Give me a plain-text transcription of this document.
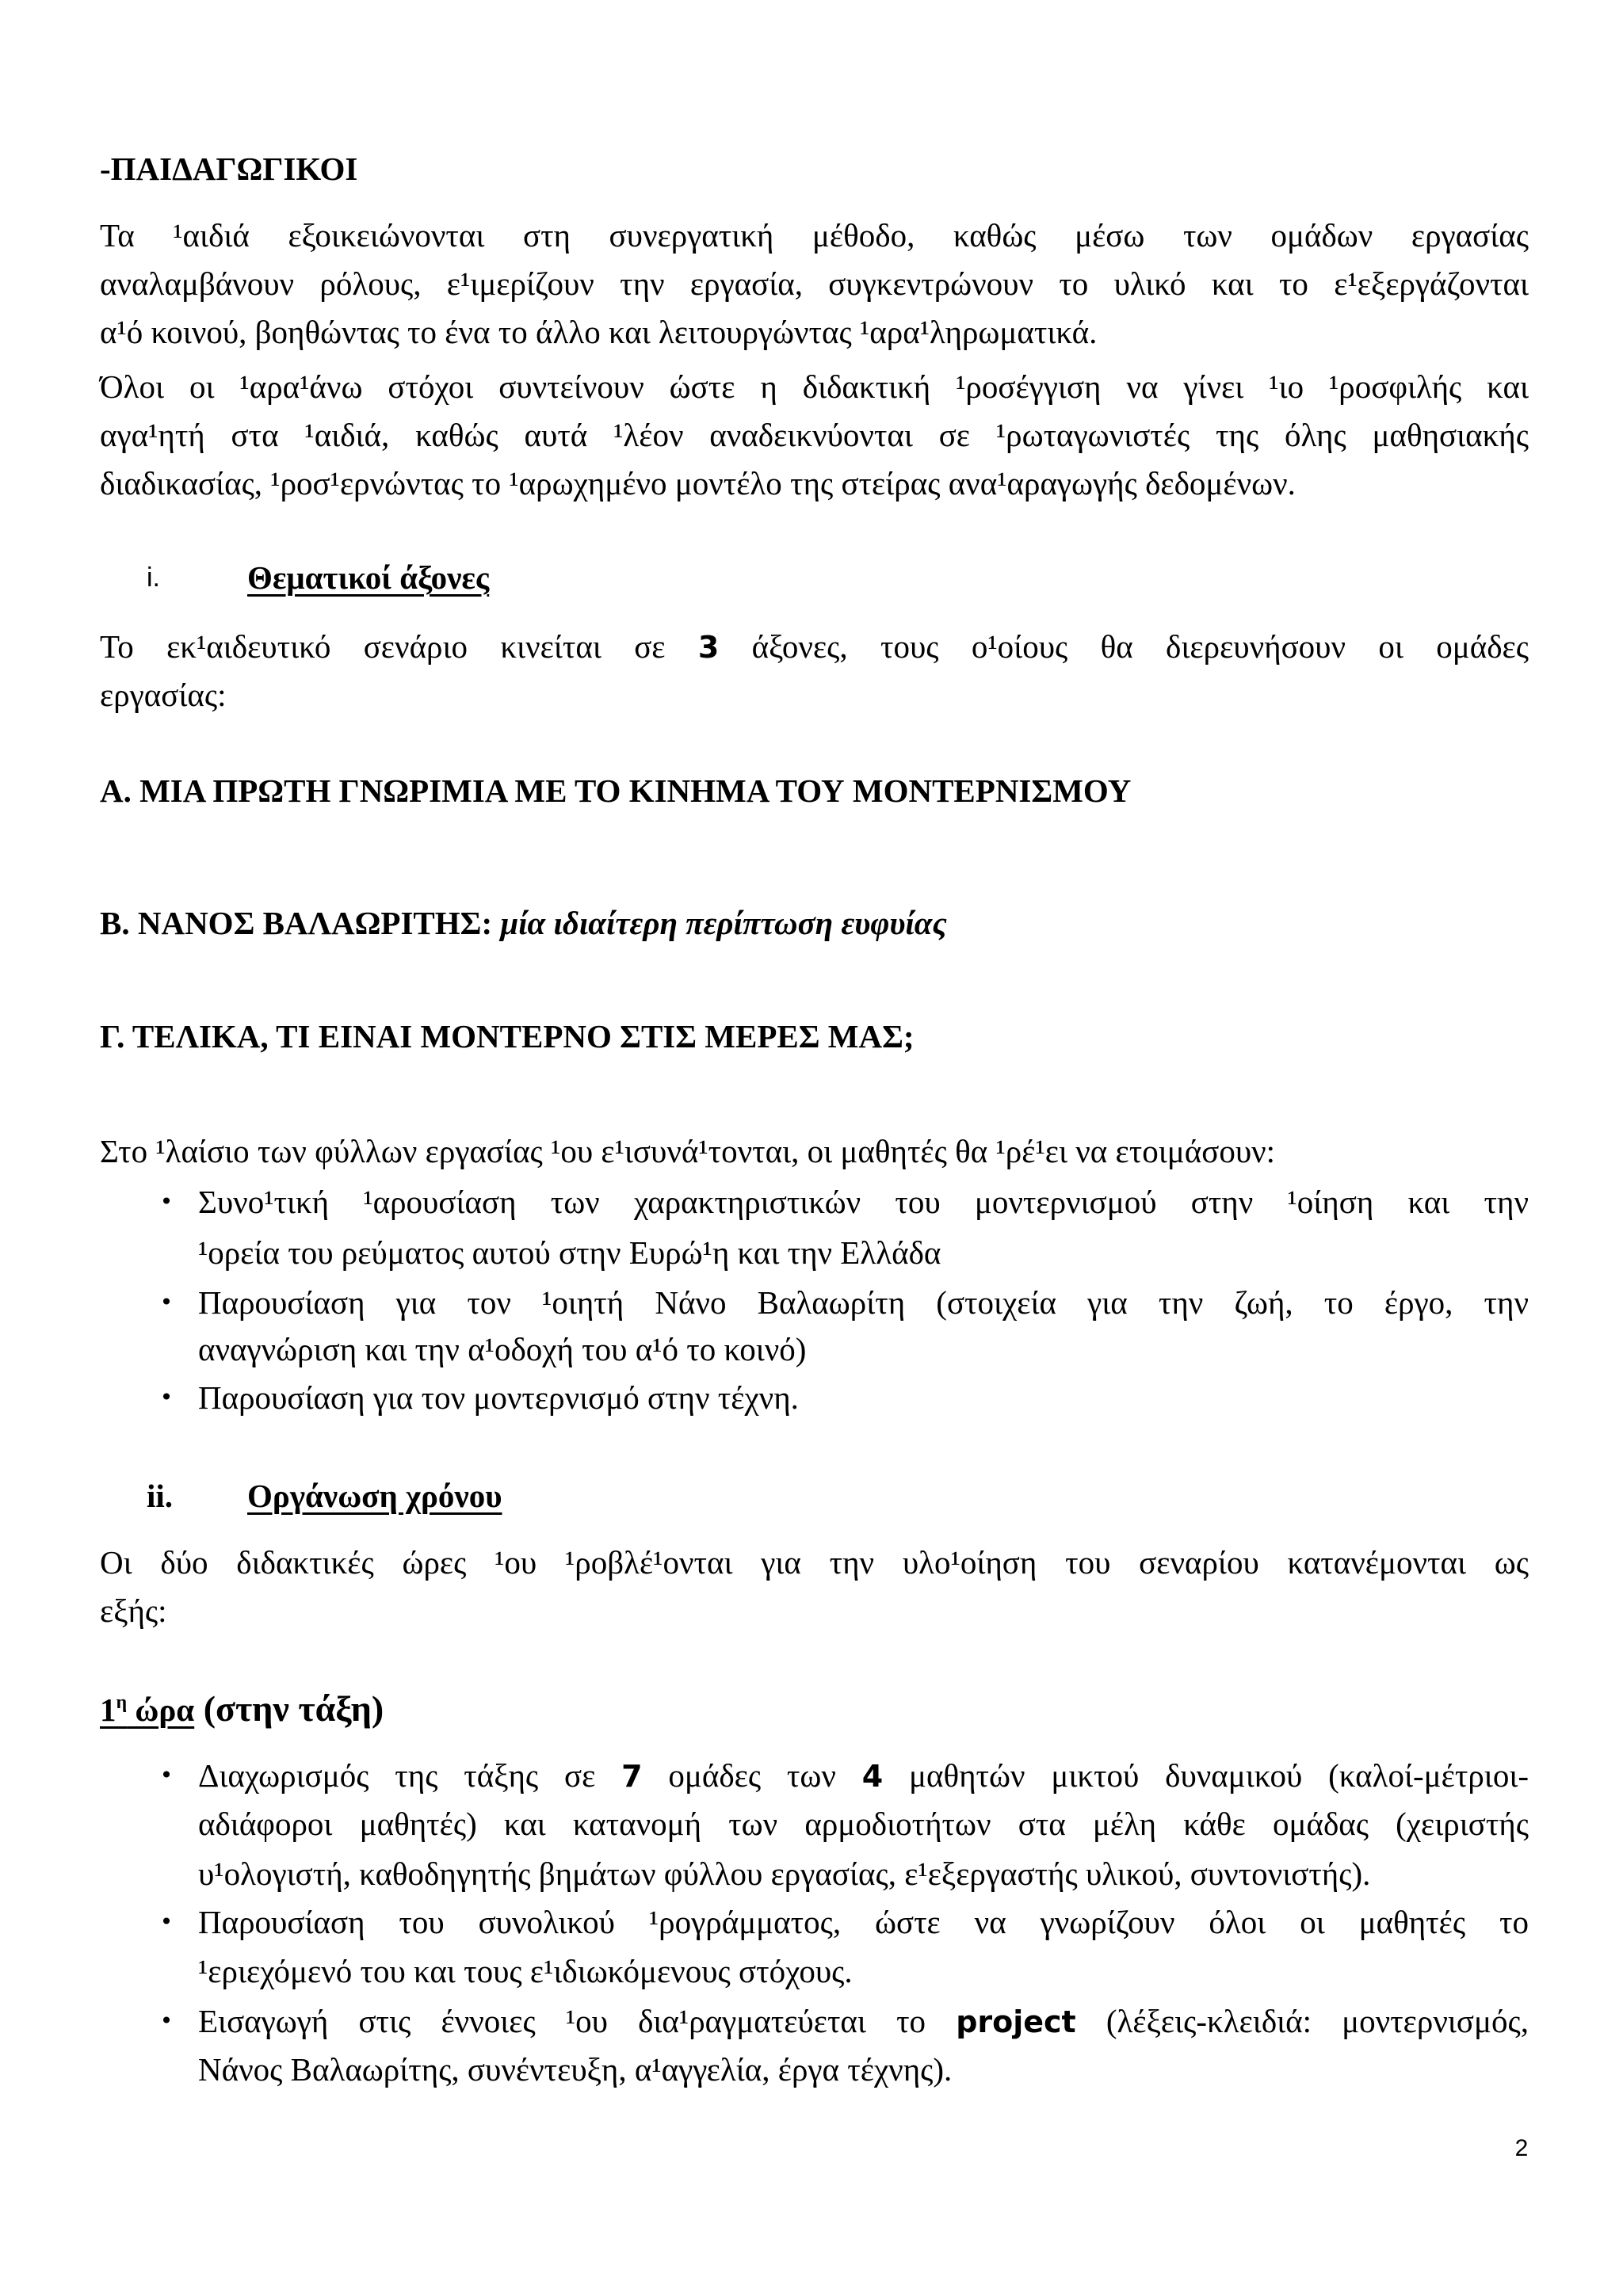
-ΠΑΙΔΑΓΩΓΙΚΟΙ
Τα ¹αιδιά εξοικειώνονται στη συνεργατική μέθοδο, καθώς μέσω των ομάδων εργασίας
αναλαμβάνουν ρόλους, ε¹ιμερίζουν την εργασία, συγκεντρώνουν το υλικό και το ε¹εξεργάζονται
α¹ό κοινού, βοηθώντας το ένα το άλλο και λειτουργώντας ¹αρα¹ληρωματικά.
Όλοι οι ¹αρα¹άνω στόχοι συντείνουν ώστε η διδακτική ¹ροσέγγιση να γίνει ¹ιο ¹ροσφιλής και
αγα¹ητή στα ¹αιδιά, καθώς αυτά ¹λέον αναδεικνύονται σε ¹ρωταγωνιστές της όλης μαθησιακής
διαδικασίας, ¹ροσ¹ερνώντας το ¹αρωχημένο μοντέλο της στείρας ανα¹αραγωγής δεδομένων.
i.	Θεματικοί άξονες
Το εκ¹αιδευτικό σενάριο κινείται σε 3 άξονες, τους ο¹οίους θα διερευνήσουν οι ομάδες
εργασίας:
Α. ΜΙΑ ΠΡΩΤΗ ΓΝΩΡΙΜΙΑ ΜΕ ΤΟ ΚΙΝΗΜΑ ΤΟΥ ΜΟΝΤΕΡΝΙΣΜΟΥ
Β. ΝΑΝΟΣ ΒΑΛΑΩΡΙΤΗΣ: μία ιδιαίτερη περίπτωση ευφυίας
Γ. ΤΕΛΙΚΑ, ΤΙ ΕΙΝΑΙ ΜΟΝΤΕΡΝΟ ΣΤΙΣ ΜΕΡΕΣ ΜΑΣ;
Στο ¹λαίσιο των φύλλων εργασίας ¹ου ε¹ισυνά¹τονται, οι μαθητές θα ¹ρέ¹ει να ετοιμάσουν:
• Συνο¹τική ¹αρουσίαση των χαρακτηριστικών του μοντερνισμού στην ¹οίηση και την
¹ορεία του ρεύματος αυτού στην Ευρώ¹η και την Ελλάδα
• Παρουσίαση για τον ¹οιητή Νάνο Βαλαωρίτη (στοιχεία για την ζωή, το έργο, την
αναγνώριση και την α¹οδοχή του α¹ό το κοινό)
• Παρουσίαση για τον μοντερνισμό στην τέχνη.
ii. Οργάνωση χρόνου
Οι δύο διδακτικές ώρες ¹ου ¹ροβλέ¹ονται για την υλο¹οίηση του σεναρίου κατανέμονται ως
εξής:
$1^\eta$ ώρα (στην τάξη)
• Διαχωρισμός της τάξης σε 7 ομάδες των 4 μαθητών μικτού δυναμικού (καλοί-μέτριοι-
αδιάφοροι μαθητές) και κατανομή των αρμοδιοτήτων στα μέλη κάθε ομάδας (χειριστής
υ¹ολογιστή, καθοδηγητής βημάτων φύλλου εργασίας, ε¹εξεργαστής υλικού, συντονιστής).
• Παρουσίαση του συνολικού ¹ρογράμματος, ώστε να γνωρίζουν όλοι οι μαθητές το
¹εριεχόμενό του και τους ε¹ιδιωκόμενους στόχους.
• Εισαγωγή στις έννοιες ¹ου δια¹ραγματεύεται το project (λέξεις-κλειδιά: μοντερνισμός,
Νάνος Βαλαωρίτης, συνέντευξη, α¹αγγελία, έργα τέχνης).
2
